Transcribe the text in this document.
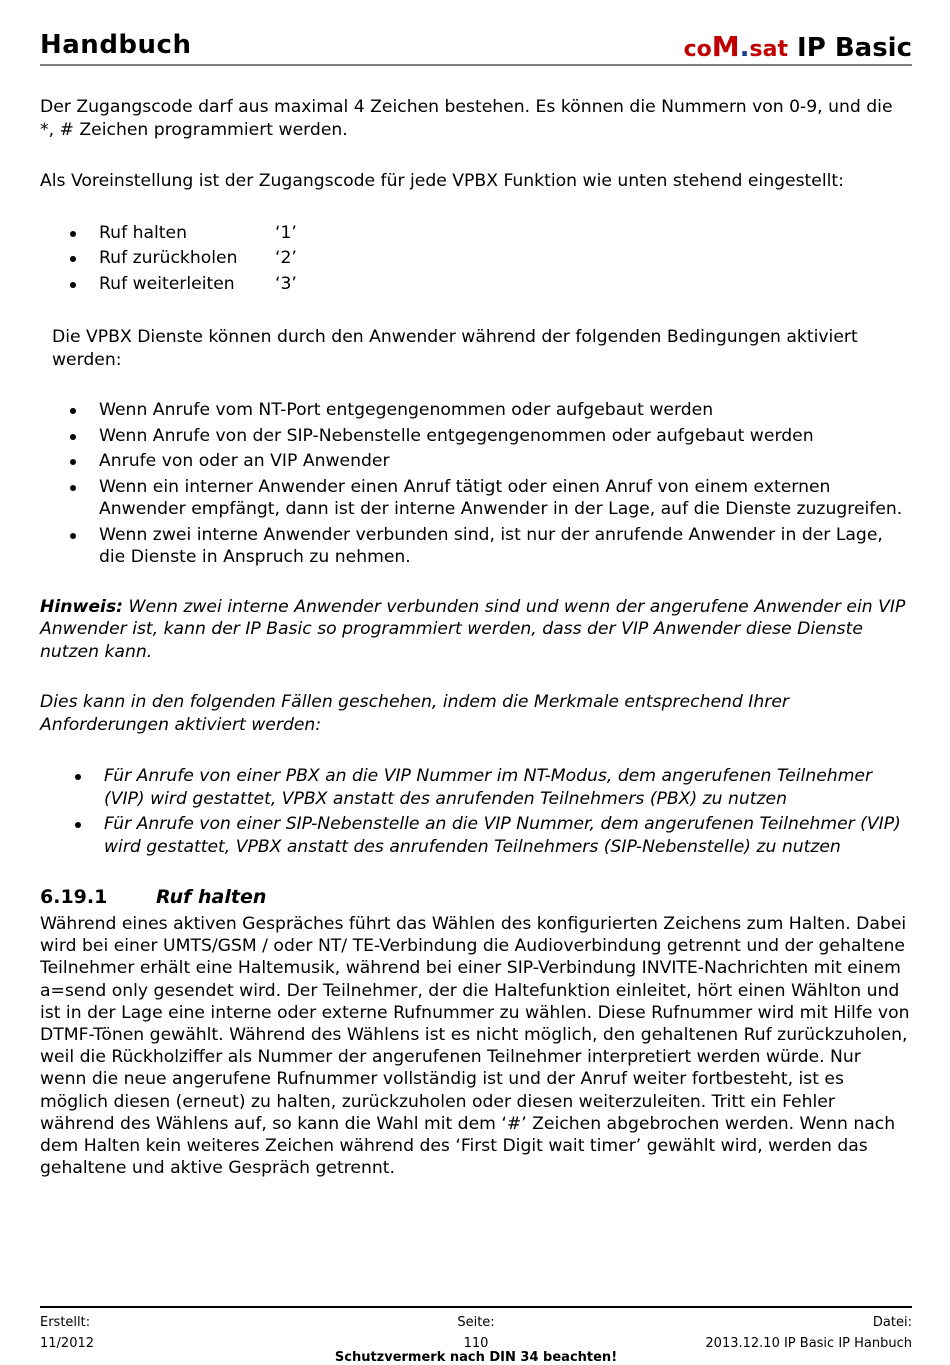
Handbuch	coM.sat IP Basic

Der Zugangscode darf aus maximal 4 Zeichen bestehen. Es können die Nummern von 0-9, und die *, # Zeichen programmiert werden.

Als Voreinstellung ist der Zugangscode für jede VPBX Funktion wie unten stehend eingestellt:

Ruf halten	‘1’
Ruf zurückholen ‘2’
Ruf weiterleiten ‘3’

Die VPBX Dienste können durch den Anwender während der folgenden Bedingungen aktiviert werden:

Wenn Anrufe vom NT-Port entgegengenommen oder aufgebaut werden
Wenn Anrufe von der SIP-Nebenstelle entgegengenommen oder aufgebaut werden
Anrufe von oder an VIP Anwender
Wenn ein interner Anwender einen Anruf tätigt oder einen Anruf von einem externen Anwender empfängt, dann ist der interne Anwender in der Lage, auf die Dienste zuzugreifen.
Wenn zwei interne Anwender verbunden sind, ist nur der anrufende Anwender in der Lage, die Dienste in Anspruch zu nehmen.

Hinweis: Wenn zwei interne Anwender verbunden sind und wenn der angerufene Anwender ein VIP Anwender ist, kann der IP Basic so programmiert werden, dass der VIP Anwender diese Dienste nutzen kann.

Dies kann in den folgenden Fällen geschehen, indem die Merkmale entsprechend Ihrer Anforderungen aktiviert werden:

Für Anrufe von einer PBX an die VIP Nummer im NT-Modus, dem angerufenen Teilnehmer (VIP) wird gestattet, VPBX anstatt des anrufenden Teilnehmers (PBX) zu nutzen
Für Anrufe von einer SIP-Nebenstelle an die VIP Nummer, dem angerufenen Teilnehmer (VIP) wird gestattet, VPBX anstatt des anrufenden Teilnehmers (SIP-Nebenstelle) zu nutzen
6.19.1	Ruf halten

Während eines aktiven Gespräches führt das Wählen des konfigurierten Zeichens zum Halten. Dabei wird bei einer UMTS/GSM / oder NT/ TE-Verbindung die Audioverbindung getrennt und der gehaltene Teilnehmer erhält eine Haltemusik, während bei einer SIP-Verbindung INVITE-Nachrichten mit einem a=send only gesendet wird. Der Teilnehmer, der die Haltefunktion einleitet, hört einen Wählton und ist in der Lage eine interne oder externe Rufnummer zu wählen. Diese Rufnummer wird mit Hilfe von DTMF-Tönen gewählt. Während des Wählens ist es nicht möglich, den gehaltenen Ruf zurückzuholen, weil die Rückholziffer als Nummer der angerufenen Teilnehmer interpretiert werden würde. Nur wenn die neue angerufene Rufnummer vollständig ist und der Anruf weiter fortbesteht, ist es möglich diesen (erneut) zu halten, zurückzuholen oder diesen weiterzuleiten. Tritt ein Fehler während des Wählens auf, so kann die Wahl mit dem ‘#’ Zeichen abgebrochen werden. Wenn nach dem Halten kein weiteres Zeichen während des ‘First Digit wait timer’ gewählt wird, werden das gehaltene und aktive Gespräch getrennt.

Erstellt:
11/2012
Seite:
110
Datei:
2013.12.10 IP Basic IP Hanbuch
Schutzvermerk nach DIN 34 beachten!
